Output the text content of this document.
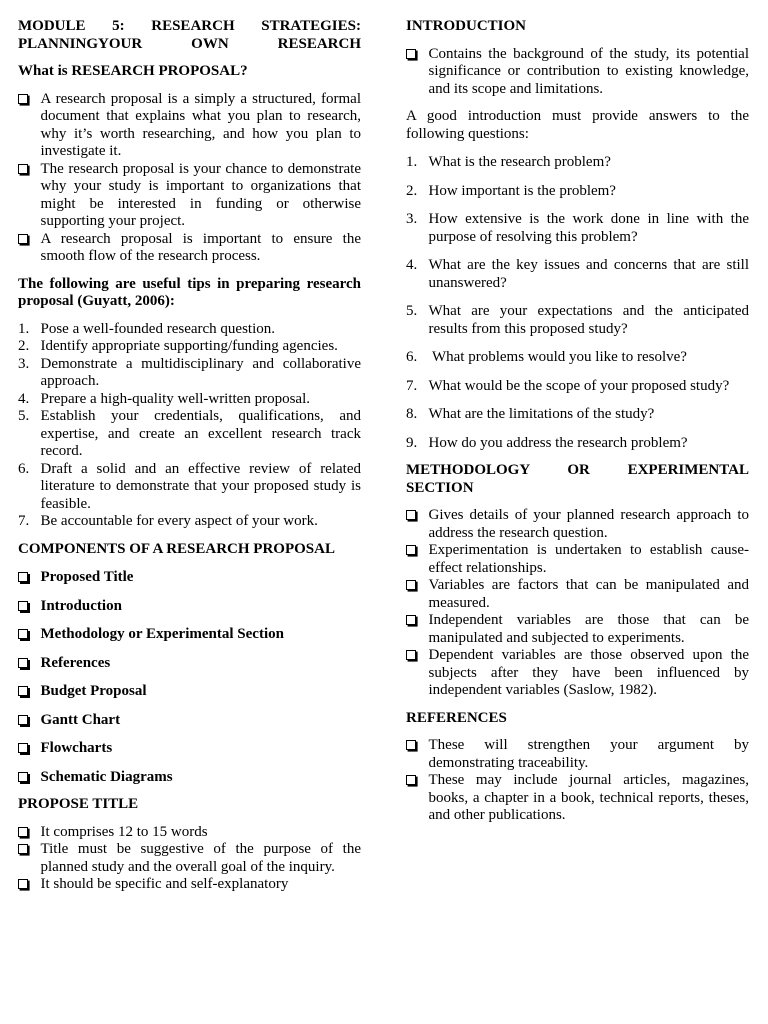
MODULE 5: RESEARCH STRATEGIES: PLANNINGYOUR OWN RESEARCH
What is RESEARCH PROPOSAL?
A research proposal is a simply a structured, formal document that explains what you plan to research, why it’s worth researching, and how you plan to investigate it.
The research proposal is your chance to demonstrate why your study is important to organizations that might be interested in funding or otherwise supporting your project.
A research proposal is important to ensure the smooth flow of the research process.
The following are useful tips in preparing research proposal (Guyatt, 2006):
1. Pose a well-founded research question.
2. Identify appropriate supporting/funding agencies.
3. Demonstrate a multidisciplinary and collaborative approach.
4. Prepare a high-quality well-written proposal.
5. Establish your credentials, qualifications, and expertise, and create an excellent research track record.
6. Draft a solid and an effective review of related literature to demonstrate that your proposed study is feasible.
7. Be accountable for every aspect of your work.
COMPONENTS OF A RESEARCH PROPOSAL
Proposed Title
Introduction
Methodology or Experimental Section
References
Budget Proposal
Gantt Chart
Flowcharts
Schematic Diagrams
PROPOSE TITLE
It comprises 12 to 15 words
Title must be suggestive of the purpose of the planned study and the overall goal of the inquiry.
It should be specific and self-explanatory
INTRODUCTION
Contains the background of the study, its potential significance or contribution to existing knowledge, and its scope and limitations.

A good introduction must provide answers to the following questions:

1. What is the research problem?
2. How important is the problem?
3. How extensive is the work done in line with the purpose of resolving this problem?
4. What are the key issues and concerns that are still unanswered?
5. What are your expectations and the anticipated results from this proposed study?
6. What problems would you like to resolve?
7. What would be the scope of your proposed study?
8. What are the limitations of the study?
9. How do you address the research problem?
METHODOLOGY OR EXPERIMENTAL SECTION
Gives details of your planned research approach to address the research question.
Experimentation is undertaken to establish cause-effect relationships.
Variables are factors that can be manipulated and measured.
Independent variables are those that can be manipulated and subjected to experiments.
Dependent variables are those observed upon the subjects after they have been influenced by independent variables (Saslow, 1982).
REFERENCES
These will strengthen your argument by demonstrating traceability.
These may include journal articles, magazines, books, a chapter in a book, technical reports, theses, and other publications.
